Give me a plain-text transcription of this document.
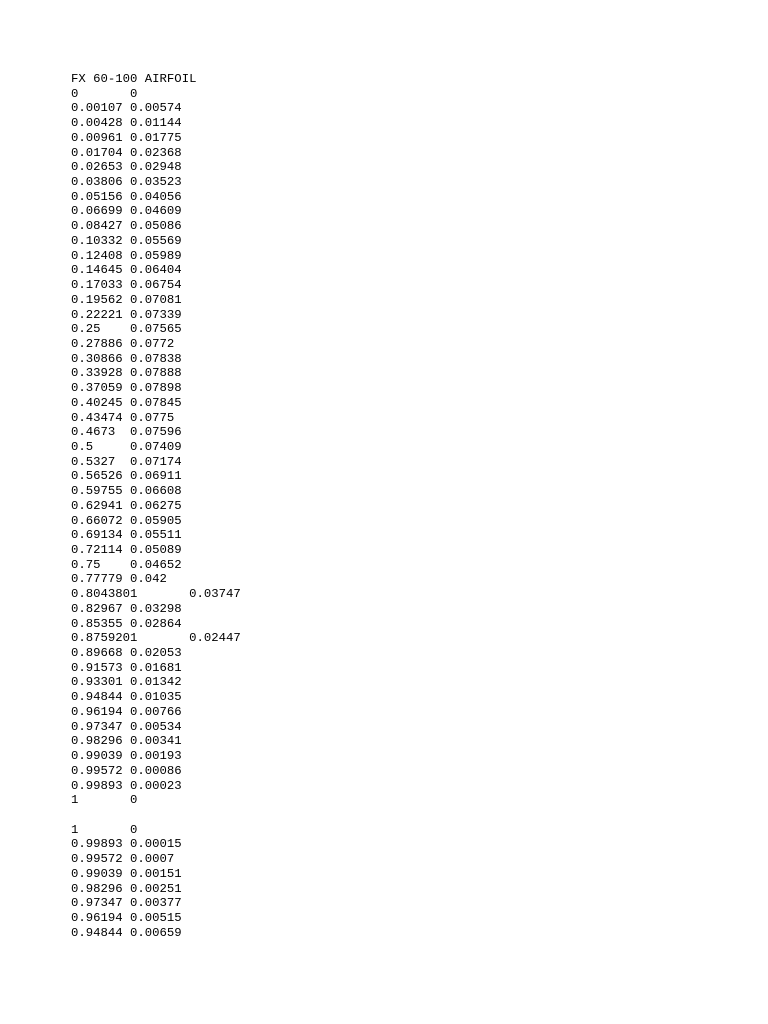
FX 60-100 AIRFOIL
0       0
0.00107 0.00574
0.00428 0.01144
0.00961 0.01775
0.01704 0.02368
0.02653 0.02948
0.03806 0.03523
0.05156 0.04056
0.06699 0.04609
0.08427 0.05086
0.10332 0.05569
0.12408 0.05989
0.14645 0.06404
0.17033 0.06754
0.19562 0.07081
0.22221 0.07339
0.25    0.07565
0.27886 0.0772
0.30866 0.07838
0.33928 0.07888
0.37059 0.07898
0.40245 0.07845
0.43474 0.0775
0.4673  0.07596
0.5     0.07409
0.5327  0.07174
0.56526 0.06911
0.59755 0.06608
0.62941 0.06275
0.66072 0.05905
0.69134 0.05511
0.72114 0.05089
0.75    0.04652
0.77779 0.042
0.8043801       0.03747
0.82967 0.03298
0.85355 0.02864
0.8759201       0.02447
0.89668 0.02053
0.91573 0.01681
0.93301 0.01342
0.94844 0.01035
0.96194 0.00766
0.97347 0.00534
0.98296 0.00341
0.99039 0.00193
0.99572 0.00086
0.99893 0.00023
1       0

1       0
0.99893 0.00015
0.99572 0.0007
0.99039 0.00151
0.98296 0.00251
0.97347 0.00377
0.96194 0.00515
0.94844 0.00659
